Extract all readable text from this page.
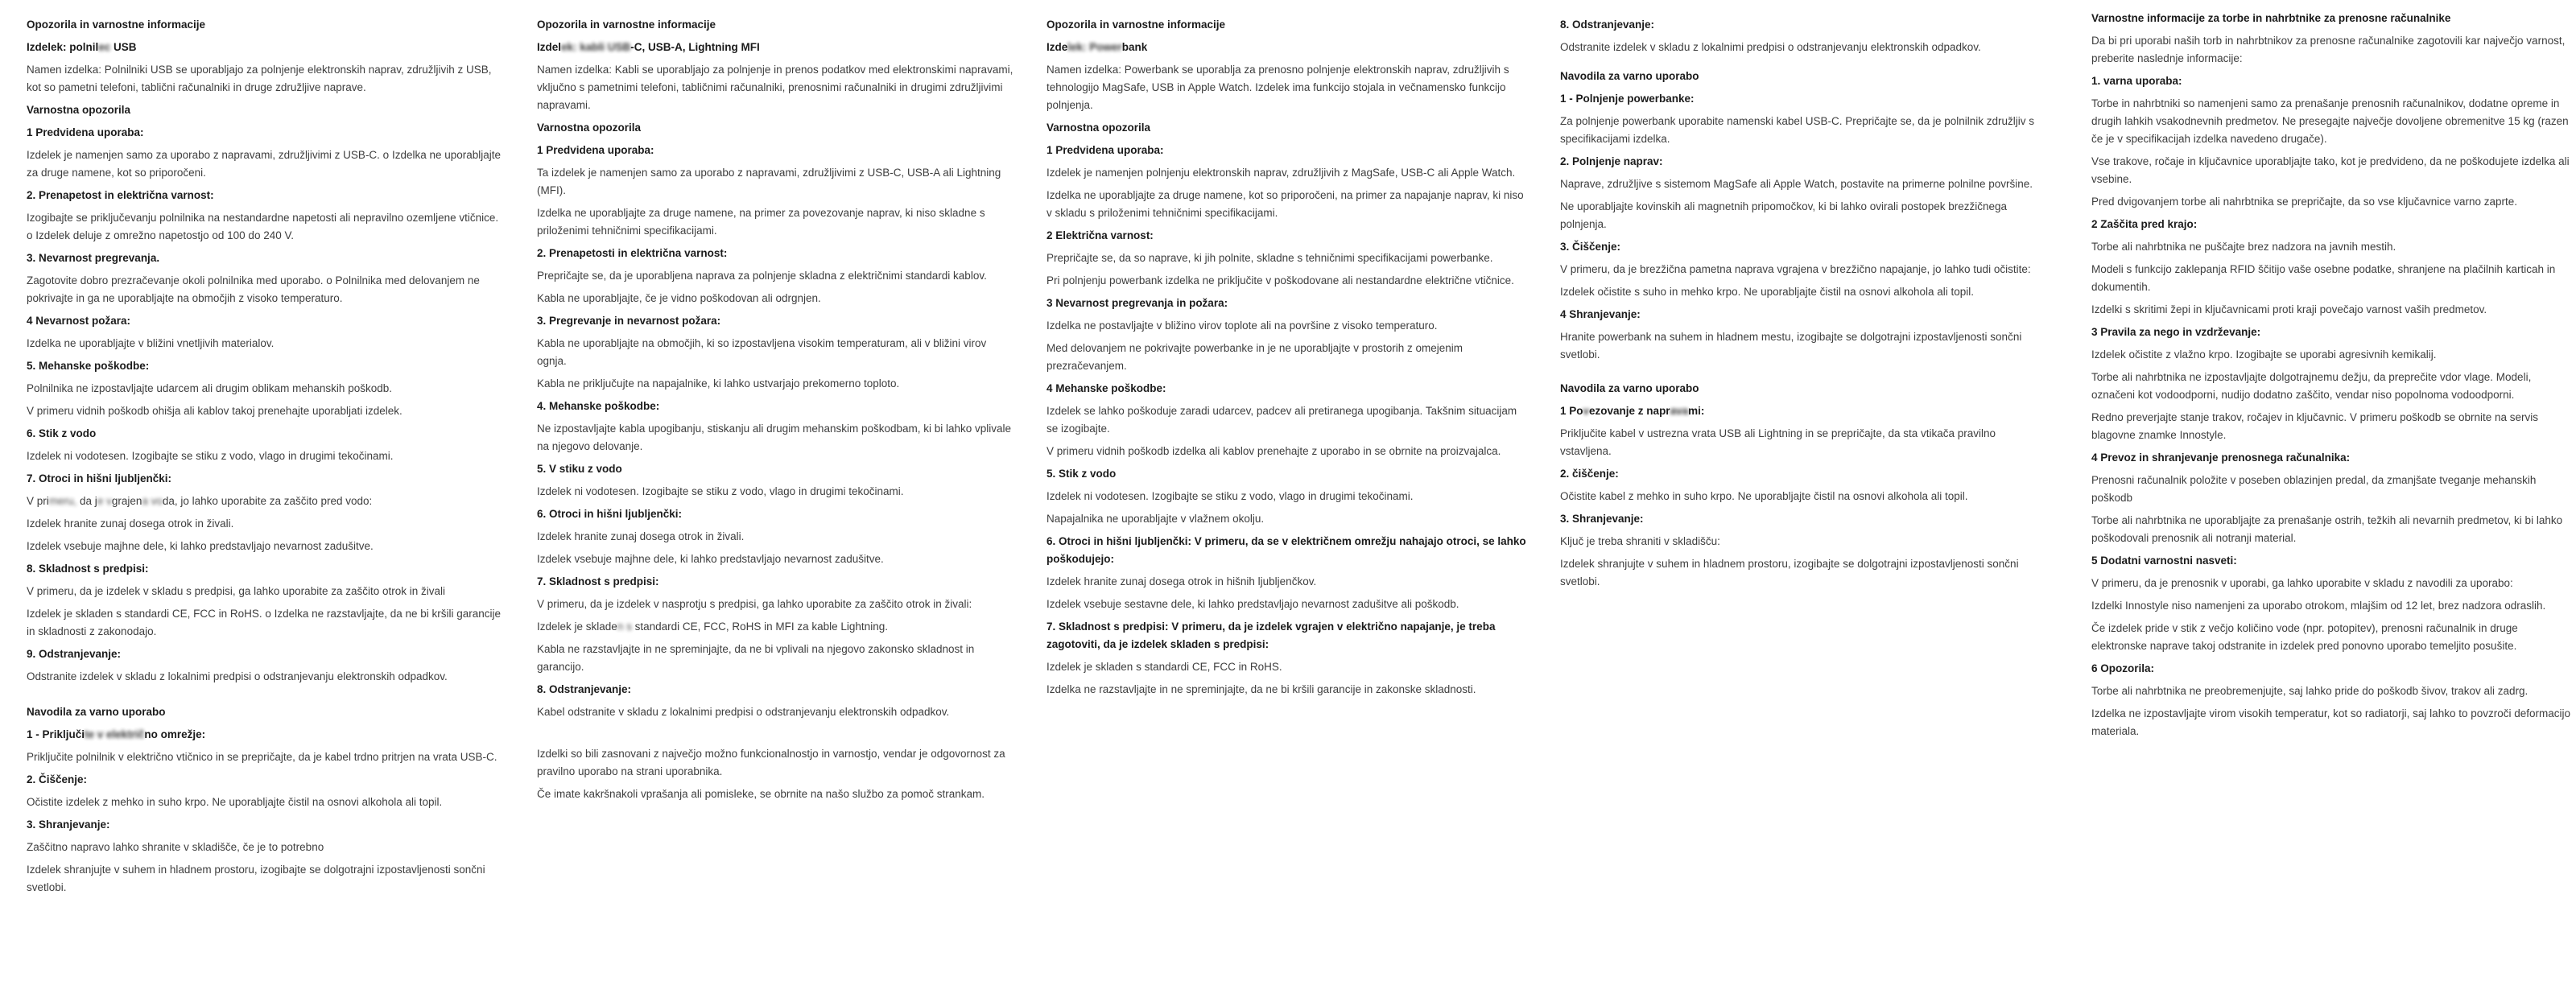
Opozorila in varnostne informacije
Izdelek: polnilec USB
Namen izdelka: Polnilniki USB se uporabljajo za polnjenje elektronskih naprav, združljivih z USB, kot so pametni telefoni, tablični računalniki in druge združljive naprave.
Varnostna opozorila
1 Predvidena uporaba:
Izdelek je namenjen samo za uporabo z napravami, združljivimi z USB-C. o Izdelka ne uporabljajte za druge namene, kot so priporočeni.
2. Prenapetost in električna varnost:
Izogibajte se priključevanju polnilnika na nestandardne napetosti ali nepravilno ozemljene vtičnice. o Izdelek deluje z omrežno napetostjo od 100 do 240 V.
3. Nevarnost pregrevanja.
Zagotovite dobro prezračevanje okoli polnilnika med uporabo. o Polnilnika med delovanjem ne pokrivajte in ga ne uporabljajte na območjih z visoko temperaturo.
4 Nevarnost požara:
Izdelka ne uporabljajte v bližini vnetljivih materialov.
5. Mehanske poškodbe:
Polnilnika ne izpostavljajte udarcem ali drugim oblikam mehanskih poškodb.
V primeru vidnih poškodb ohišja ali kablov takoj prenehajte uporabljati izdelek.
6. Stik z vodo
Izdelek ni vodotesen. Izogibajte se stiku z vodo, vlago in drugimi tekočinami.
7. Otroci in hišni ljubljenčki:
V primeru, da je vgrajena voda, jo lahko uporabite za zaščito pred vodo:
Izdelek hranite zunaj dosega otrok in živali.
Izdelek vsebuje majhne dele, ki lahko predstavljajo nevarnost zadušitve.
8. Skladnost s predpisi:
V primeru, da je izdelek v skladu s predpisi, ga lahko uporabite za zaščito otrok in živali
Izdelek je skladen s standardi CE, FCC in RoHS. o Izdelka ne razstavljajte, da ne bi kršili garancije in skladnosti z zakonodajo.
9. Odstranjevanje:
Odstranite izdelek v skladu z lokalnimi predpisi o odstranjevanju elektronskih odpadkov.
Navodila za varno uporabo
1 - Priključite v električno omrežje:
Priključite polnilnik v električno vtičnico in se prepričajte, da je kabel trdno pritrjen na vrata USB-C.
2. Čiščenje:
Očistite izdelek z mehko in suho krpo. Ne uporabljajte čistil na osnovi alkohola ali topil.
3. Shranjevanje:
Zaščitno napravo lahko shranite v skladišče, če je to potrebno
Izdelek shranjujte v suhem in hladnem prostoru, izogibajte se dolgotrajni izpostavljenosti sončni svetlobi.
Opozorila in varnostne informacije
Izdelek: kabli USB-C, USB-A, Lightning MFI
Namen izdelka: Kabli se uporabljajo za polnjenje in prenos podatkov med elektronskimi napravami, vključno s pametnimi telefoni, tabličnimi računalniki, prenosnimi računalniki in drugimi združljivimi napravami.
Varnostna opozorila
1 Predvidena uporaba:
Ta izdelek je namenjen samo za uporabo z napravami, združljivimi z USB-C, USB-A ali Lightning (MFI).
Izdelka ne uporabljajte za druge namene, na primer za povezovanje naprav, ki niso skladne s priloženimi tehničnimi specifikacijami.
2. Prenapetosti in električna varnost:
Prepričajte se, da je uporabljena naprava za polnjenje skladna z električnimi standardi kablov.
Kabla ne uporabljajte, če je vidno poškodovan ali odrgnjen.
3. Pregrevanje in nevarnost požara:
Kabla ne uporabljajte na območjih, ki so izpostavljena visokim temperaturam, ali v bližini virov ognja.
Kabla ne priključujte na napajalnike, ki lahko ustvarjajo prekomerno toploto.
4. Mehanske poškodbe:
Ne izpostavljajte kabla upogibanju, stiskanju ali drugim mehanskim poškodbam, ki bi lahko vplivale na njegovo delovanje.
5. V stiku z vodo
Izdelek ni vodotesen. Izogibajte se stiku z vodo, vlago in drugimi tekočinami.
6. Otroci in hišni ljubljenčki:
Izdelek hranite zunaj dosega otrok in živali.
Izdelek vsebuje majhne dele, ki lahko predstavljajo nevarnost zadušitve.
7. Skladnost s predpisi:
V primeru, da je izdelek v nasprotju s predpisi, ga lahko uporabite za zaščito otrok in živali:
Izdelek je skladen s standardi CE, FCC, RoHS in MFI za kable Lightning.
Kabla ne razstavljajte in ne spreminjajte, da ne bi vplivali na njegovo zakonsko skladnost in garancijo.
8. Odstranjevanje:
Kabel odstranite v skladu z lokalnimi predpisi o odstranjevanju elektronskih odpadkov.
Izdelki so bili zasnovani z največjo možno funkcionalnostjo in varnostjo, vendar je odgovornost za pravilno uporabo na strani uporabnika.
Če imate kakršnakoli vprašanja ali pomisleke, se obrnite na našo službo za pomoč strankam.
Opozorila in varnostne informacije
Izdelek: Powerbank
Namen izdelka: Powerbank se uporablja za prenosno polnjenje elektronskih naprav, združljivih s tehnologijo MagSafe, USB in Apple Watch. Izdelek ima funkcijo stojala in večnamensko funkcijo polnjenja.
Varnostna opozorila
1 Predvidena uporaba:
Izdelek je namenjen polnjenju elektronskih naprav, združljivih z MagSafe, USB-C ali Apple Watch.
Izdelka ne uporabljajte za druge namene, kot so priporočeni, na primer za napajanje naprav, ki niso v skladu s priloženimi tehničnimi specifikacijami.
2 Električna varnost:
Prepričajte se, da so naprave, ki jih polnite, skladne s tehničnimi specifikacijami powerbanke.
Pri polnjenju powerbank izdelka ne priključite v poškodovane ali nestandardne električne vtičnice.
3 Nevarnost pregrevanja in požara:
Izdelka ne postavljajte v bližino virov toplote ali na površine z visoko temperaturo.
Med delovanjem ne pokrivajte powerbanke in je ne uporabljajte v prostorih z omejenim prezračevanjem.
4 Mehanske poškodbe:
Izdelek se lahko poškoduje zaradi udarcev, padcev ali pretiranega upogibanja. Takšnim situacijam se izogibajte.
V primeru vidnih poškodb izdelka ali kablov prenehajte z uporabo in se obrnite na proizvajalca.
5. Stik z vodo
Izdelek ni vodotesen. Izogibajte se stiku z vodo, vlago in drugimi tekočinami.
Napajalnika ne uporabljajte v vlažnem okolju.
6. Otroci in hišni ljubljenčki: V primeru, da se v električnem omrežju nahajajo otroci, se lahko poškodujejo:
Izdelek hranite zunaj dosega otrok in hišnih ljubljenčkov.
Izdelek vsebuje sestavne dele, ki lahko predstavljajo nevarnost zadušitve ali poškodb.
7. Skladnost s predpisi: V primeru, da je izdelek vgrajen v električno napajanje, je treba zagotoviti, da je izdelek skladen s predpisi:
Izdelek je skladen s standardi CE, FCC in RoHS.
Izdelka ne razstavljajte in ne spreminjajte, da ne bi kršili garancije in zakonske skladnosti.
8. Odstranjevanje:
Odstranite izdelek v skladu z lokalnimi predpisi o odstranjevanju elektronskih odpadkov.
Navodila za varno uporabo
1 - Polnjenje powerbanke:
Za polnjenje powerbank uporabite namenski kabel USB-C. Prepričajte se, da je polnilnik združljiv s specifikacijami izdelka.
2. Polnjenje naprav:
Naprave, združljive s sistemom MagSafe ali Apple Watch, postavite na primerne polnilne površine.
Ne uporabljajte kovinskih ali magnetnih pripomočkov, ki bi lahko ovirali postopek brezžičnega polnjenja.
3. Čiščenje:
V primeru, da je brezžična pametna naprava vgrajena v brezžično napajanje, jo lahko tudi očistite:
Izdelek očistite s suho in mehko krpo. Ne uporabljajte čistil na osnovi alkohola ali topil.
4 Shranjevanje:
Hranite powerbank na suhem in hladnem mestu, izogibajte se dolgotrajni izpostavljenosti sončni svetlobi.
Navodila za varno uporabo
1 Povezovanje z napravami:
Priključite kabel v ustrezna vrata USB ali Lightning in se prepričajte, da sta vtikača pravilno vstavljena.
2. čiščenje:
Očistite kabel z mehko in suho krpo. Ne uporabljajte čistil na osnovi alkohola ali topil.
3. Shranjevanje:
Ključ je treba shraniti v skladišču:
Izdelek shranjujte v suhem in hladnem prostoru, izogibajte se dolgotrajni izpostavljenosti sončni svetlobi.
Varnostne informacije za torbe in nahrbtnike za prenosne računalnike
Da bi pri uporabi naših torb in nahrbtnikov za prenosne računalnike zagotovili kar največjo varnost, preberite naslednje informacije:
1. varna uporaba:
Torbe in nahrbtniki so namenjeni samo za prenašanje prenosnih računalnikov, dodatne opreme in drugih lahkih vsakodnevnih predmetov. Ne presegajte največje dovoljene obremenitve 15 kg (razen če je v specifikacijah izdelka navedeno drugače).
Vse trakove, ročaje in ključavnice uporabljajte tako, kot je predvideno, da ne poškodujete izdelka ali vsebine.
Pred dvigovanjem torbe ali nahrbtnika se prepričajte, da so vse ključavnice varno zaprte.
2 Zaščita pred krajo:
Torbe ali nahrbtnika ne puščajte brez nadzora na javnih mestih.
Modeli s funkcijo zaklepanja RFID ščitijo vaše osebne podatke, shranjene na plačilnih karticah in dokumentih.
Izdelki s skritimi žepi in ključavnicami proti kraji povečajo varnost vaših predmetov.
3 Pravila za nego in vzdrževanje:
Izdelek očistite z vlažno krpo. Izogibajte se uporabi agresivnih kemikalij.
Torbe ali nahrbtnika ne izpostavljajte dolgotrajnemu dežju, da preprečite vdor vlage. Modeli, označeni kot vodoodporni, nudijo dodatno zaščito, vendar niso popolnoma vodoodporni.
Redno preverjajte stanje trakov, ročajev in ključavnic. V primeru poškodb se obrnite na servis blagovne znamke Innostyle.
4 Prevoz in shranjevanje prenosnega računalnika:
Prenosni računalnik položite v poseben oblazinjen predal, da zmanjšate tveganje mehanskih poškodb
Torbe ali nahrbtnika ne uporabljajte za prenašanje ostrih, težkih ali nevarnih predmetov, ki bi lahko poškodovali prenosnik ali notranji material.
5 Dodatni varnostni nasveti:
V primeru, da je prenosnik v uporabi, ga lahko uporabite v skladu z navodili za uporabo:
Izdelki Innostyle niso namenjeni za uporabo otrokom, mlajšim od 12 let, brez nadzora odraslih.
Če izdelek pride v stik z večjo količino vode (npr. potopitev), prenosni računalnik in druge elektronske naprave takoj odstranite in izdelek pred ponovno uporabo temeljito posušite.
6 Opozorila:
Torbe ali nahrbtnika ne preobremenjujte, saj lahko pride do poškodb šivov, trakov ali zadrg.
Izdelka ne izpostavljajte virom visokih temperatur, kot so radiatorji, saj lahko to povzroči deformacijo materiala.
